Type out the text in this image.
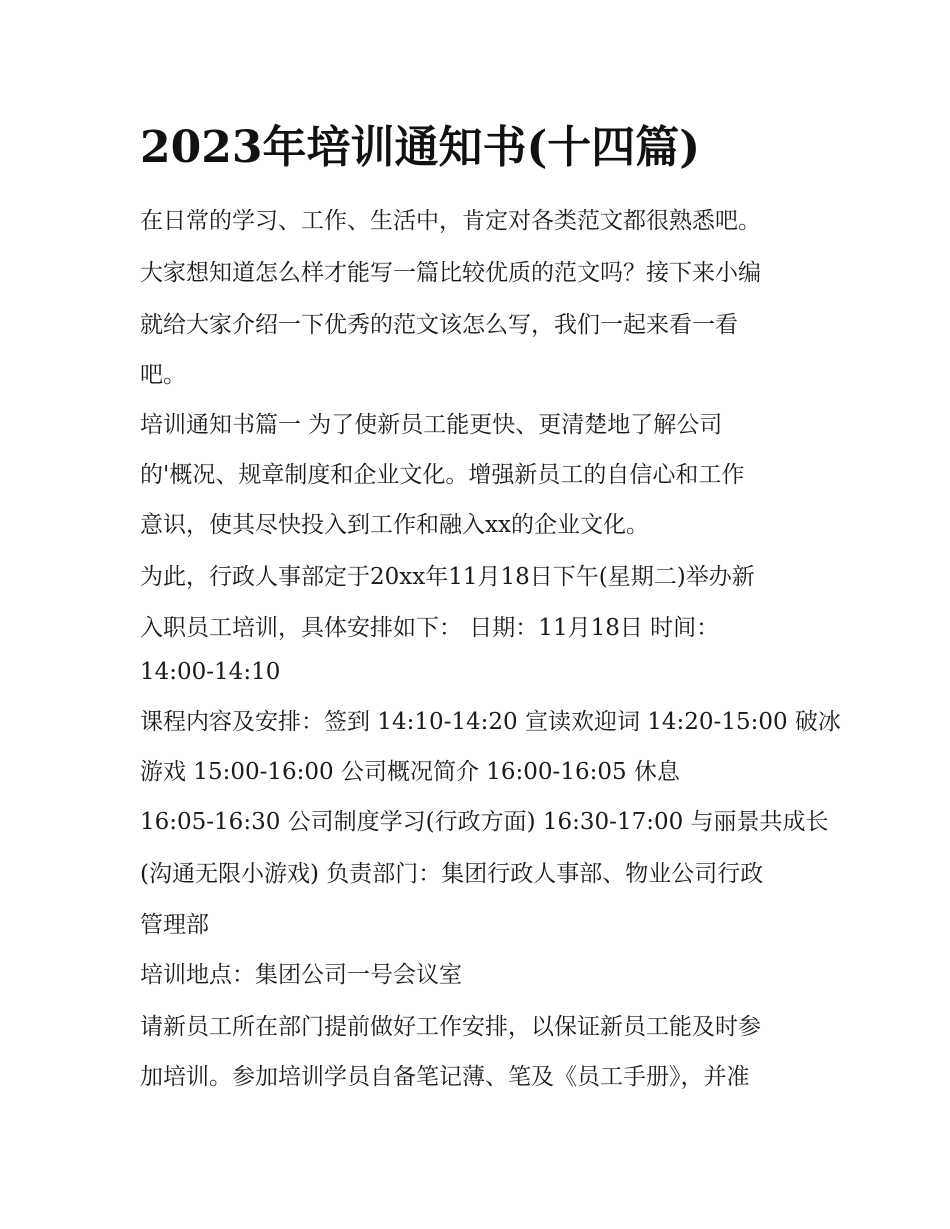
2023年培训通知书(十四篇)

在日常的学习、工作、生活中，肯定对各类范文都很熟悉吧。

大家想知道怎么样才能写一篇比较优质的范文吗？接下来小编

就给大家介绍一下优秀的范文该怎么写，我们一起来看一看

吧。

培训通知书篇一 为了使新员工能更快、更清楚地了解公司

的'概况、规章制度和企业文化。增强新员工的自信心和工作

意识，使其尽快投入到工作和融入xx的企业文化。

为此，行政人事部定于20xx年11月18日下午(星期二)举办新

入职员工培训，具体安排如下： 日期：11月18日 时间：

14:00-14:10

课程内容及安排：签到 14:10-14:20 宣读欢迎词 14:20-15:00 破冰

游戏 15:00-16:00 公司概况简介 16:00-16:05 休息

16:05-16:30 公司制度学习(行政方面) 16:30-17:00 与丽景共成长

(沟通无限小游戏) 负责部门：集团行政人事部、物业公司行政

管理部

培训地点：集团公司一号会议室

请新员工所在部门提前做好工作安排，以保证新员工能及时参

加培训。参加培训学员自备笔记薄、笔及《员工手册》，并准
